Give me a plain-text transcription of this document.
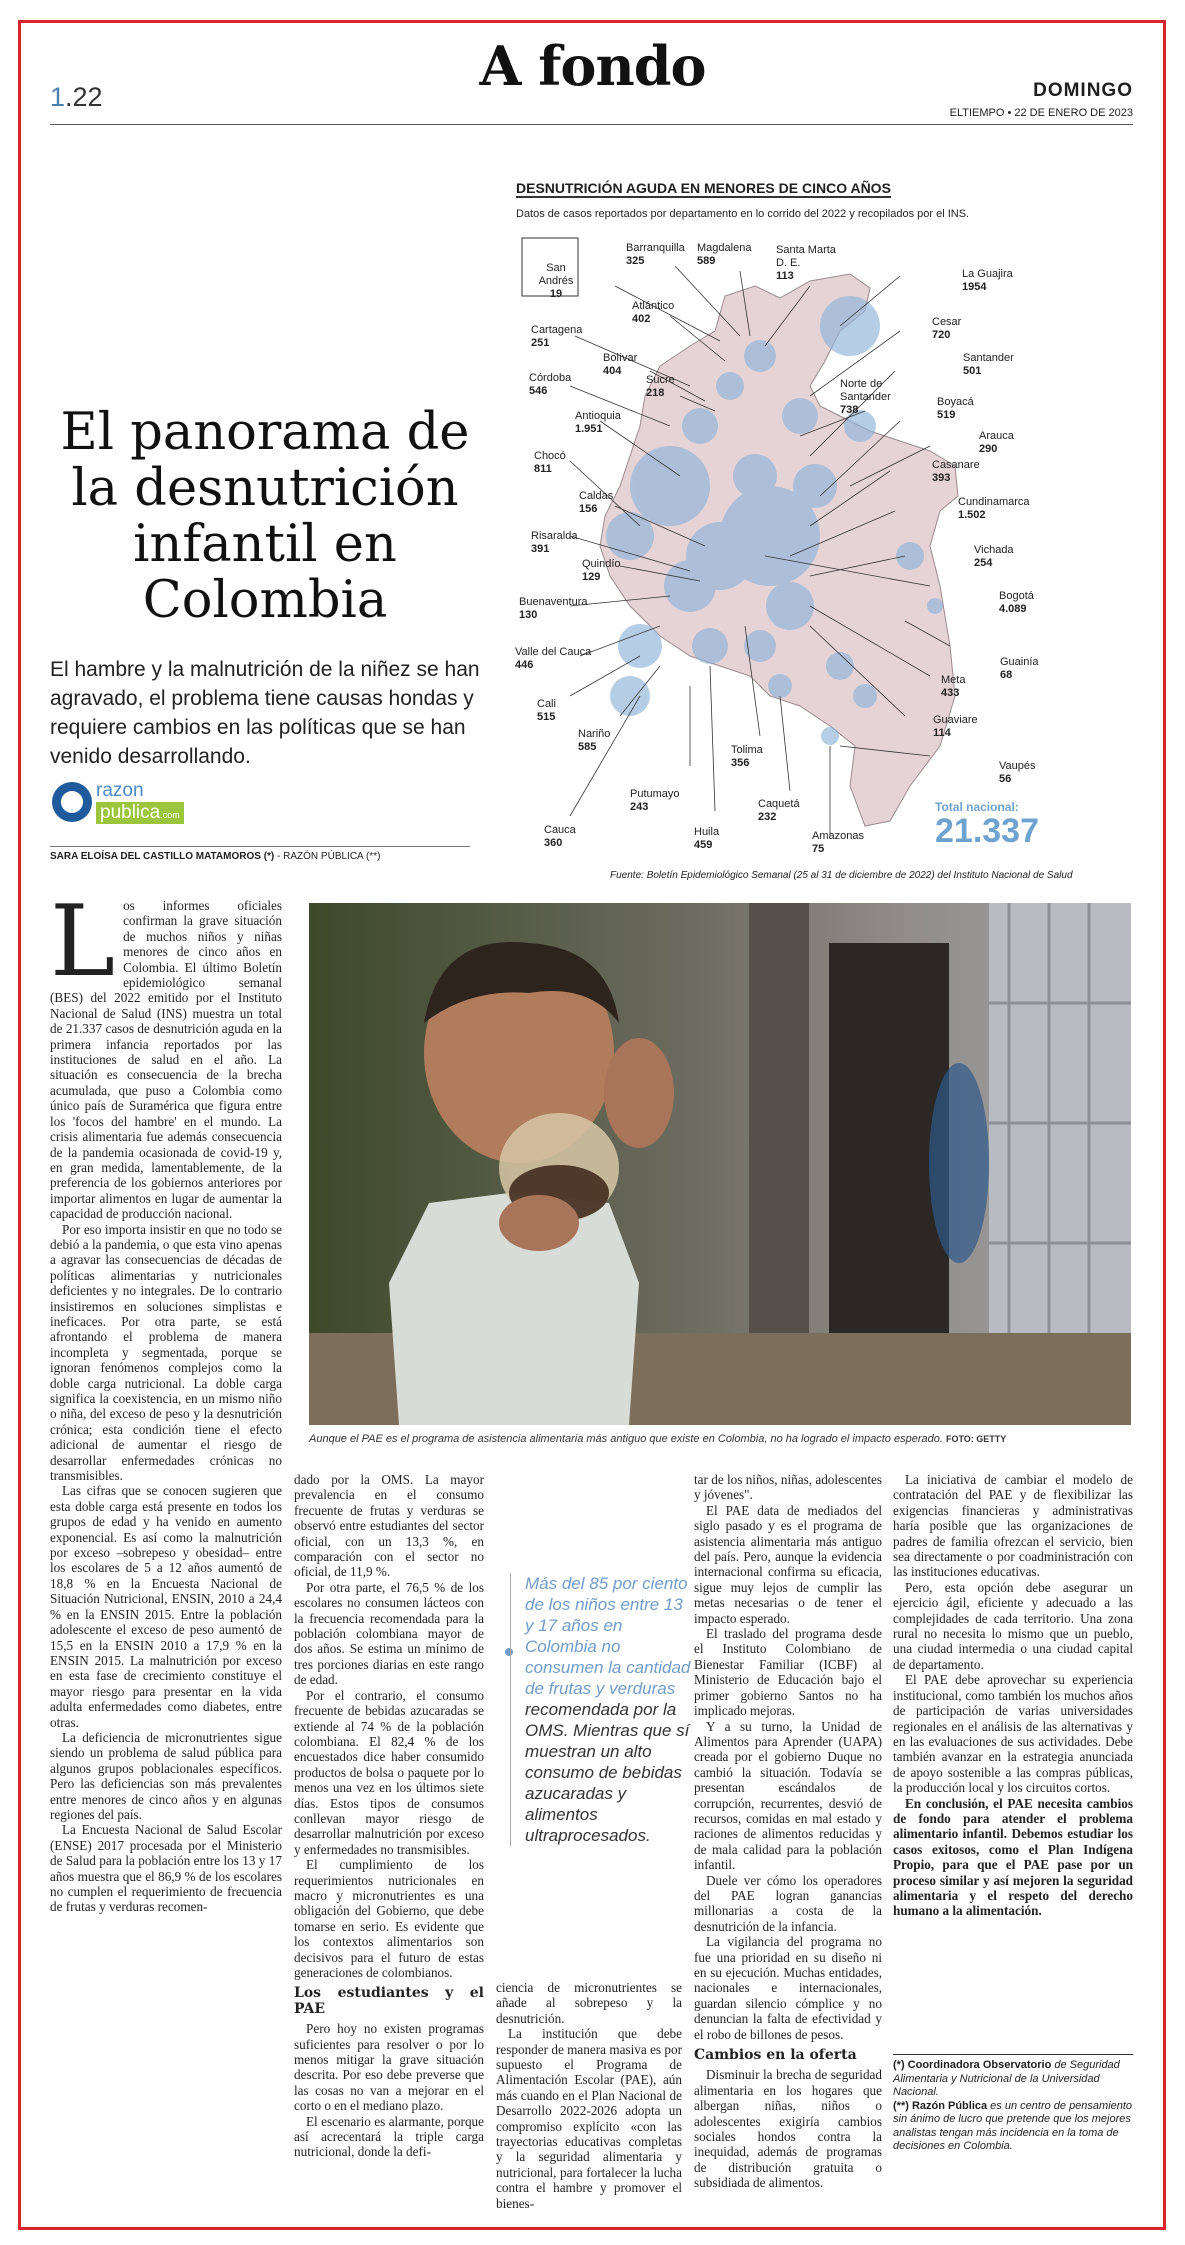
1.22	A fondo	DOMINGO
ELTIEMPO • 22 DE ENERO DE 2023
El panorama de la desnutrición infantil en Colombia
El hambre y la malnutrición de la niñez se han agravado, el problema tiene causas hondas y requiere cambios en las políticas que se han venido desarrollando.
razon
publica.com
SARA ELOÍSA DEL CASTILLO MATAMOROS (*) - RAZÓN PÚBLICA (**)
DESNUTRICIÓN AGUDA EN MENORES DE CINCO AÑOS
Datos de casos reportados por departamento en lo corrido del 2022 y recopilados por el INS.
San Andrés
19
Barranquilla
325
Magdalena
589
Santa Marta D. E.
113	La Guajira
1954
Atlántico
402	Cesar
720
Cartagena
251
Bolívar
404
Sucre
218
Santander
501
Córdoba
546
Norte de Santander
738
Antioquia
1.951
Boyacá
519
Arauca
290
Chocó
811	Casanare
393
Caldas
156
Cundinamarca
1.502
Risaralda
391	Vichada
254
Quindío
129
Buenaventura
130
Bogotá
4.089
Valle del Cauca
446	Guainía
68
Meta
433
Cali
515	Guaviare
114
Nariño
585	Tolima
356	Vaupés
56
Putumayo
243	Caquetá
232
Cauca
360
Huila
459
Amazonas
75
Total nacional:
21.337
Fuente: Boletín Epidemiológico Semanal (25 al 31 de diciembre de 2022) del Instituto Nacional de Salud
Aunque el PAE es el programa de asistencia alimentaria más antiguo que existe en Colombia, no ha logrado el impacto esperado. FOTO: GETTY
L os informes oficiales confirman la grave situación de muchos niños y niñas menores de cinco años en Colombia. El último Boletín epidemiológico semanal (BES) del 2022 emitido por el Instituto Nacional de Salud (INS) muestra un total de 21.337 casos de desnutrición aguda en la primera infancia reportados por las instituciones de salud en el año. La situación es consecuencia de la brecha acumulada, que puso a Colombia como único país de Suramérica que figura entre los 'focos del hambre' en el mundo. La crisis alimentaria fue además consecuencia de la pandemia ocasionada de covid-19 y, en gran medida, lamentablemente, de la preferencia de los gobiernos anteriores por importar alimentos en lugar de aumentar la capacidad de producción nacional.

Por eso importa insistir en que no todo se debió a la pandemia, o que esta vino apenas a agravar las consecuencias de décadas de políticas alimentarias y nutricionales deficientes y no integrales. De lo contrario insistiremos en soluciones simplistas e ineficaces. Por otra parte, se está afrontando el problema de manera incompleta y segmentada, porque se ignoran fenómenos complejos como la doble carga nutricional. La doble carga significa la coexistencia, en un mismo niño o niña, del exceso de peso y la desnutrición crónica; esta condición tiene el efecto adicional de aumentar el riesgo de desarrollar enfermedades crónicas no transmisibles.

Las cifras que se conocen sugieren que esta doble carga está presente en todos los grupos de edad y ha venido en aumento exponencial. Es así como la malnutrición por exceso –sobrepeso y obesidad– entre los escolares de 5 a 12 años aumentó de 18,8 % en la Encuesta Nacional de Situación Nutricional, ENSIN, 2010 a 24,4 % en la ENSIN 2015. Entre la población adolescente el exceso de peso aumentó de 15,5 en la ENSIN 2010 a 17,9 % en la ENSIN 2015. La malnutrición por exceso en esta fase de crecimiento constituye el mayor riesgo para presentar en la vida adulta enfermedades como diabetes, entre otras.

La deficiencia de micronutrientes sigue siendo un problema de salud pública para algunos grupos poblacionales específicos. Pero las deficiencias son más prevalentes entre menores de cinco años y en algunas regiones del país.

La Encuesta Nacional de Salud Escolar (ENSE) 2017 procesada por el Ministerio de Salud para la población entre los 13 y 17 años muestra que el 86,9 % de los escolares no cumplen el requerimiento de frecuencia de frutas y verduras recomen-

dado por la OMS. La mayor prevalencia en el consumo frecuente de frutas y verduras se observó entre estudiantes del sector oficial, con un 13,3 %, en comparación con el sector no oficial, de 11,9 %.

Por otra parte, el 76,5 % de los escolares no consumen lácteos con la frecuencia recomendada para la población colombiana mayor de dos años. Se estima un mínimo de tres porciones diarias en este rango de edad.

Por el contrario, el consumo frecuente de bebidas azucaradas se extiende al 74 % de la población colombiana. El 82,4 % de los encuestados dice haber consumido productos de bolsa o paquete por lo menos una vez en los últimos siete días. Estos tipos de consumos conllevan mayor riesgo de desarrollar malnutrición por exceso y enfermedades no transmisibles.

El cumplimiento de los requerimientos nutricionales en macro y micronutrientes es una obligación del Gobierno, que debe tomarse en serio. Es evidente que los contextos alimentarios son decisivos para el futuro de estas generaciones de colombianos.

Los estudiantes y el PAE

Pero hoy no existen programas suficientes para resolver o por lo menos mitigar la grave situación descrita. Por eso debe preverse que las cosas no van a mejorar en el corto o en el mediano plazo.

El escenario es alarmante, porque así acrecentará la triple carga nutricional, donde la defi-

Más del 85 por ciento de los niños entre 13 y 17 años en Colombia no consumen la cantidad de frutas y verduras recomendada por la OMS. Mientras que sí muestran un alto consumo de bebidas azucaradas y alimentos ultraprocesados.

ciencia de micronutrientes se añade al sobrepeso y la desnutrición.

La institución que debe responder de manera masiva es por supuesto el Programa de Alimentación Escolar (PAE), aún más cuando en el Plan Nacional de Desarrollo 2022-2026 adopta un compromiso explícito «con las trayectorias educativas completas y la seguridad alimentaria y nutricional, para fortalecer la lucha contra el hambre y promover el bienes-

tar de los niños, niñas, adolescentes y jóvenes".

El PAE data de mediados del siglo pasado y es el programa de asistencia alimentaria más antiguo del país. Pero, aunque la evidencia internacional confirma su eficacia, sigue muy lejos de cumplir las metas necesarias o de tener el impacto esperado.

El traslado del programa desde el Instituto Colombiano de Bienestar Familiar (ICBF) al Ministerio de Educación bajo el primer gobierno Santos no ha implicado mejoras.

Y a su turno, la Unidad de Alimentos para Aprender (UAPA) creada por el gobierno Duque no cambió la situación. Todavía se presentan escándalos de corrupción, recurrentes, desvió de recursos, comidas en mal estado y raciones de alimentos reducidas y de mala calidad para la población infantil.

Duele ver cómo los operadores del PAE logran ganancias millonarias a costa de la desnutrición de la infancia.

La vigilancia del programa no fue una prioridad en su diseño ni en su ejecución. Muchas entidades, nacionales e internacionales, guardan silencio cómplice y no denuncian la falta de efectividad y el robo de billones de pesos.

Cambios en la oferta

Disminuir la brecha de seguridad alimentaria en los hogares que albergan niñas, niños o adolescentes exigiría cambios sociales hondos contra la inequidad, además de programas de distribución gratuita o subsidiada de alimentos.

La iniciativa de cambiar el modelo de contratación del PAE y de flexibilizar las exigencias financieras y administrativas haría posible que las organizaciones de padres de familia ofrezcan el servicio, bien sea directamente o por coadministración con las instituciones educativas.

Pero, esta opción debe asegurar un ejercicio ágil, eficiente y adecuado a las complejidades de cada territorio. Una zona rural no necesita lo mismo que un pueblo, una ciudad intermedia o una ciudad capital de departamento.

El PAE debe aprovechar su experiencia institucional, como también los muchos años de participación de varias universidades regionales en el análisis de las alternativas y en las evaluaciones de sus actividades. Debe también avanzar en la estrategia anunciada de apoyo sostenible a las compras públicas, la producción local y los circuitos cortos.

En conclusión, el PAE necesita cambios de fondo para atender el problema alimentario infantil. Debemos estudiar los casos exitosos, como el Plan Indígena Propio, para que el PAE pase por un proceso similar y así mejoren la seguridad alimentaria y el respeto del derecho humano a la alimentación.

(*) Coordinadora Observatorio de Seguridad Alimentaria y Nutricional de la Universidad Nacional.
(**) Razón Pública es un centro de pensamiento sin ánimo de lucro que pretende que los mejores analistas tengan más incidencia en la toma de decisiones en Colombia.
